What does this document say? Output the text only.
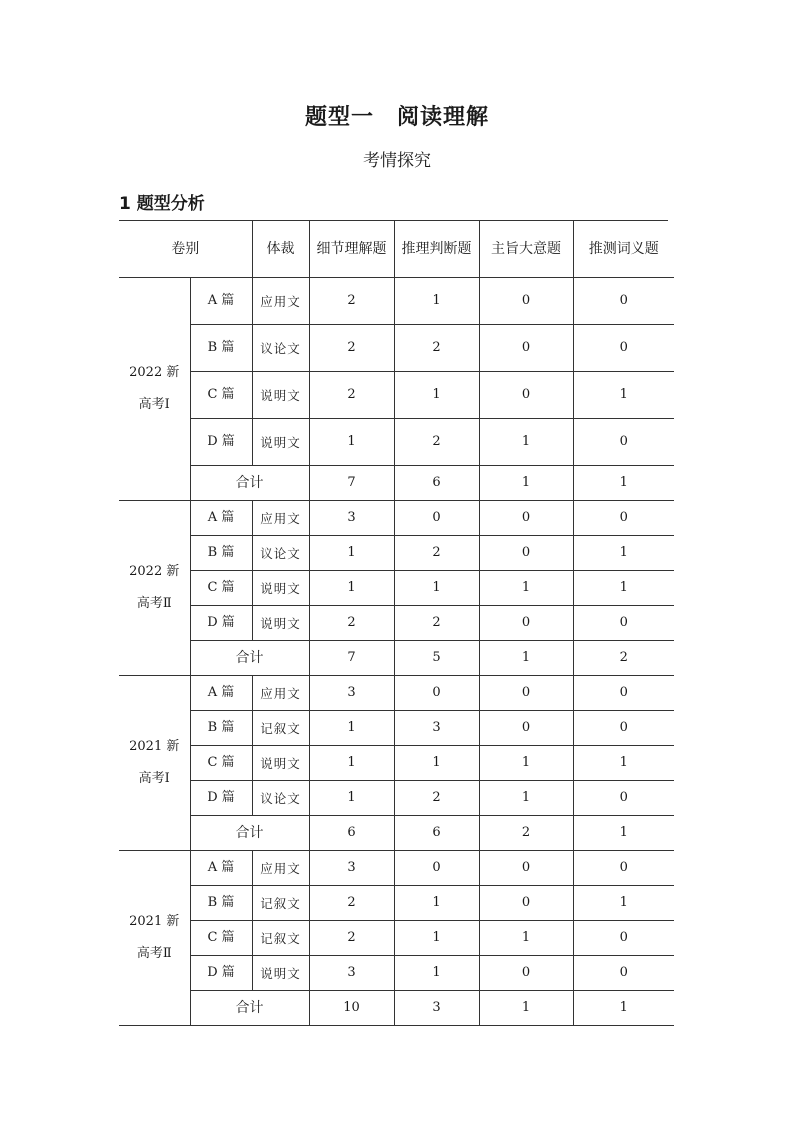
题型一　阅读理解
考情探究
1 题型分析
卷别		体裁	细节理解题	推理判断题	主旨大意题	推测词义题

2022 新
高考Ⅰ	A 篇	应用文	2	1	0	0
	B 篇	议论文	2	2	0	0
	C 篇	说明文	2	1	0	1
	D 篇	说明文	1	2	1	0
	合计		7	6	1	1

2022 新
高考Ⅱ	A 篇	应用文	3	0	0	0
	B 篇	议论文	1	2	0	1
	C 篇	说明文	1	1	1	1
	D 篇	说明文	2	2	0	0
	合计		7	5	1	2

2021 新
高考Ⅰ	A 篇	应用文	3	0	0	0
	B 篇	记叙文	1	3	0	0
	C 篇	说明文	1	1	1	1
	D 篇	议论文	1	2	1	0
	合计		6	6	2	1

2021 新
高考Ⅱ	A 篇	应用文	3	0	0	0
	B 篇	记叙文	2	1	0	1
	C 篇	记叙文	2	1	1	0
	D 篇	说明文	3	1	0	0
	合计		10	3	1	1
